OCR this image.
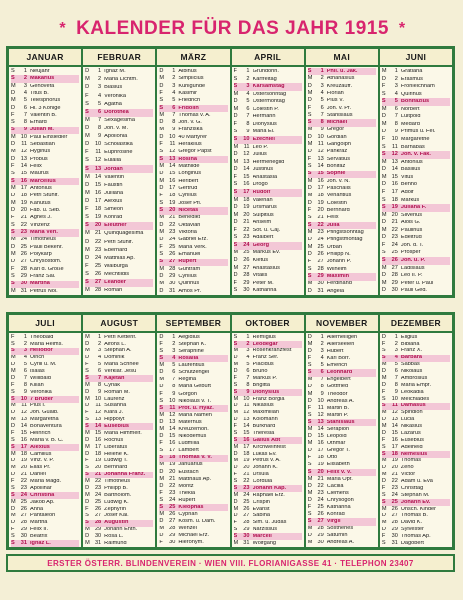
* KALENDER FÜR DAS JAHR 1915 *
JANUAR
S	1 Neujahr
S	2 Makarius
M	3 Genovefa
D	4 Titus B.
M	5 Telesphorus
D	6 Hl. 3 Könige
F	7 Valentin B.
S	8 Erhard
S	9 Julian M.
M 10 Paul Einsiedler
D	11 Sebastian
M 12 Hyginus
D	13 Probus
F	14 Felix
S	15 Maurus
S	16 Marcellus
M 17 Antonius
D	18 Petri Stuhlf.
M 19 Kanutus
D	20 Fab. u. Seb.
F	21 Agnes J.
S	22 Vinzenz
S	23 Maria Verl.
M 24 Timotheus
D	25 Pauli Bekehr.
M 26 Polykarp
D	27 Chrysostom.
F	28 Karl d. Große
S	29 Franz Sal.
S	30 Martina
M 31 Petrus Nol.
FEBRUAR
D	1 Ignaz M.
M	2 Mariä Lichtm.
D	3 Blasius
F	4 Veronika
S	5 Agatha
S	6 Dorothea
M	7 Sexagesima
D	8 Joh. v. M.
M	9 Apollonia
D	10 Scholastika
F	11 Euphrosine
S	12 Eulalia
S	13 Jordan
M 14 Valentin
D	15 Faustin
M 16 Julliana
D	17 Alexius
F	18 Simeon
S	19 Konrad
S	20 Eleuther
M 21 Quinquagesima
D	22 Petri Stuhlf.
M 23 Eberhard
D	24 Matthias Ap.
F	25 Walburga
S	26 Mechtildis
S	27 Leander
M 28 Roman
MÄRZ
D	1 Albinus
M	2 Simplicius
D	3 Kunigunde
F	4 Kasimir
S	5 Friedrich
S	6 Fridolin
M	7 Thomas v. A.
D	8 Joh. v. G.
M	9 Franziska
D	10 40 Märtyrer
F	11 Heraklius
S	12 Gregor Papst
S	13 Rosina
M 14 Mathilde
D	15 Longinus
M 16 Heribert
D	17 Gertrud
F	18 Cyrillus
S	19 Josef Pfl.
S	20 Nicetas
M 21 Benedikt
D	22 Oktavian
M 23 Viktoria
D	24 Gabriel Erz.
F	25 Mariä Verk.
S	26 Emanuel
S	27 Rupert
M 28 Guntram
D	29 Cyrillus
M 30 Quirinus
D	31 Amos Pr.
APRIL
F	1 Gründonn.
S	2 Karfreitag
S	3 Karsamstag
M	4 Ostersonntag
D	5 Ostermontag
M	6 Cölestin P.
D	7 Hermann
F	8 Dionysius
S	9 Maria El.
S	10 Ezechiel
M 11 Leo P.
D	12 Julius
M 13 Hermenegild
D	14 Justinus
F	15 Anastasia
S	16 Drogo
S	17 Rudolf
M 18 Valerian
D	19 Ursmarus
M 20 Sulpitius
D	21 Anselm
F	22 Sot. u. Caj.
S	23 Adalbert
S	24 Georg
M 25 Markus Ev.
D	26 Kletus
M 27 Anastasius
D	28 Vitalis
F	29 Peter M.
S	30 Katharina
MAI
S	1 Phil. u. Jak.
M	2 Athanasius
D	3 Kreuzauff.
M	4 Florian
D	5 Pius V.
F	6 Joh. v. Pf.
S	7 Stanislaus
S	8 Michael
M	9 Gregor
D	10 Gordian
M 11 Gangolph
D	12 Pankraz
F	13 Servatius
S	14 Bonifaz
S	15 Sophie
M 16 Joh. v. N.
D	17 Paschalis
M 18 Venantius
D	19 Cölestin
F	20 Bernhard
S	21 Felix
S	22 Julia
M 23 Pfingstsonntag
D	24 Pfingstmontag
M 25 Urban
D	26 Philipp N.
F	27 Johann P.
S	28 Wilhelm
S	29 Maximin
M 30 Ferdinand
D	31 Angela
JUNI
M	1 Gratiana
D	2 Erasmus
F	3 Fronleichnam
S	4 Quirinus
S	5 Bonifazius
M	6 Norbert
D	7 Luitpold
M	8 Medard
D	9 Primus u. Fel.
F	10 Margarethe
S	11 Barnabas
S	12 Joh. v. Fak.
M 13 Antonius
D	14 Basilius
M 15 Vitus
D	16 Benno
F	17 Adolf
S	18 Markus
S	19 Juliana F.
M 20 Silverius
D	21 Alois G.
M 22 Paulinus
D	23 Edeltrud
F	24 Joh. d. T.
S	25 Prosper
S	26 Joh. u. P.
M 27 Ladislaus
D	28 Leo II. P.
M 29 Peter u. Paul
D	30 Pauli Ged.
JULI
F	1 Theobald
S	2 Mariä Heims.
S	3 Heliodor
M	4 Ulrich
D	5 Cyrill u. M.
M	6 Isaias
D	7 Willibald
F	8 Kilian
S	9 Veronika
S	10 7 Brüder
M 11 Pius I.
D	12 Joh. Gualb.
M 13 Margaretha
D	14 Bonaventura
F	15 Heinrich
S	16 Maria v. B. C.
S	17 Alexius
M 18 Camillus
D	19 Vinz. v. P.
M 20 Elias Pr.
D	21 Daniel
F	22 Maria Magd.
S	23 Apollinar
S	24 Christina
M 25 Jakob Ap.
D	26 Anna
M 27 Pantaleon
D	28 Martha
F	29 Felix II.
S	30 Beatrix
S	31 Ignaz L.
AUGUST
M	1 Petri Kettenf.
D	2 Alfons L.
M	3 Stephan A.
D	4 Dominik
F	5 Maria Schnee
S	6 Verklär. Jesu
S	7 Kajetan
M	8 Cyriak
D	9 Roman M.
M 10 Laurenz
D	11 Susanna
F	12 Klara J.
S	13 Hippolyt
S	14 Eusebius
M 15 Mariä Himmelf.
D	16 Rochus
M 17 Liberatus
D	18 Helene K.
F	19 Ludwig T.
S	20 Bernhard
S	21 Johanna Franz.
M 22 Timotheus
D	23 Philipp B.
M 24 Bartholom.
D	25 Ludwig K.
F	26 Zephyrin
S	27 Josef Kal.
S	28 Augustin
M 29 Johann Enth.
D	30 Rosa L.
M 31 Raimund
SEPTEMBER
D	1 Aegidius
F	2 Stephan K.
S	3 Seraphine
S	4 Rosalia
M	5 Laurentius
D	6 Schutzengel
M	7 Regina
D	8 Mariä Geburt
F	9 Gorgon
S	10 Nikolaus v. T.
S	11 Prot. u. Hyaz.
M 12 Mariä Namen
D	13 Maternus
M 14 Kreuzerhöh.
D	15 Nikodemus
F	16 Ludmilla
S	17 Lambert
S	18 Thomas v. V.
M 19 Januarius
D	20 Eustach
M 21 Matthäus Ap.
D	22 Moritz
F	23 Thekla
S	24 Rupert
S	25 Kleophas
M 26 Cyprian
D	27 Kosm. u. Dam.
M 28 Wenzel
D	29 Michael Erz.
F	30 Hieronym.
OKTOBER
S	1 Remigius
S	2 Leodegar
M	3 Rosenkranzfest
D	4 Franz Ser.
M	5 Placidus
D	6 Bruno
F	7 Markus P.
S	8 Brigitta
S	9 Dionysius
M 10 Franz Borgia
D	11 Nikasius
M 12 Maximilian
D	13 Kolomann
F	14 Burkhard
S	15 Theresia
S	16 Gallus Abt
M 17 Kirchweihfest
D	18 Lukas Ev.
M 19 Petrus v. A.
D	20 Johann K.
F	21 Ursula
S	22 Cordula
S	23 Johann Kap.
M 24 Raphael Erz.
D	25 Crispin
M 26 Evarist
D	27 Sabina
F	28 Sim. u. Judas
S	29 Narzissus
S	30 Marcell
M 31 Wolfgang
NOVEMBER
D	1 Allerheiligen
M	2 Allerseelen
D	3 Hubert
F	4 Karl Borr.
S	5 Emerich
S	6 Leonhard
M	7 Engelbert
D	8 Gottfried
M	9 Theodor
D	10 Andreas A.
F	11 Martin B.
S	12 Martin P.
S	13 Stanislaus
M 14 Serapion
D	15 Leopold
M 16 Othmar
D	17 Gregor T.
F	18 Otto
S	19 Elisabeth
S	20 Felix v. V.
M 21 Mariä Opf.
D	22 Cäcilia
M 23 Clemens
D	24 Chrysogon
F	25 Katharina
S	26 Konrad
S	27 Virgil
M 28 Sosthenes
D	29 Saturnin
M 30 Andreas A.
DEZEMBER
D	1 Eligius
F	2 Bibiana
S	3 Franz X.
S	4 Barbara
M	5 Sabbas
D	6 Nikolaus
M	7 Ambrosius
D	8 Mariä Empf.
F	9 Leokadia
S	10 Melchiades
S	11 Damasus
M 12 Spiridion
D	13 Lucia
M 14 Nikasius
D	15 Lazarus
F	16 Eusebius
S	17 Adelheid
S	18 Nemesius
M 19 Thomas
D	20 Zeno
M 21 Victor
D	22 Adam u. Eva
F	23 Christtag
S	24 Stephan M.
S	25 Johann Ev.
M 26 Unsch. Kinder
D	27 Thomas B.
M 28 David K.
D	29 Sylvester
F	30 Thomas Ap.
S	31 Dagobert
ERSTER ÖSTERR. BLINDENVEREIN · WIEN VIII. FLORIANIGASSE 41 · TELEPHON 23407
